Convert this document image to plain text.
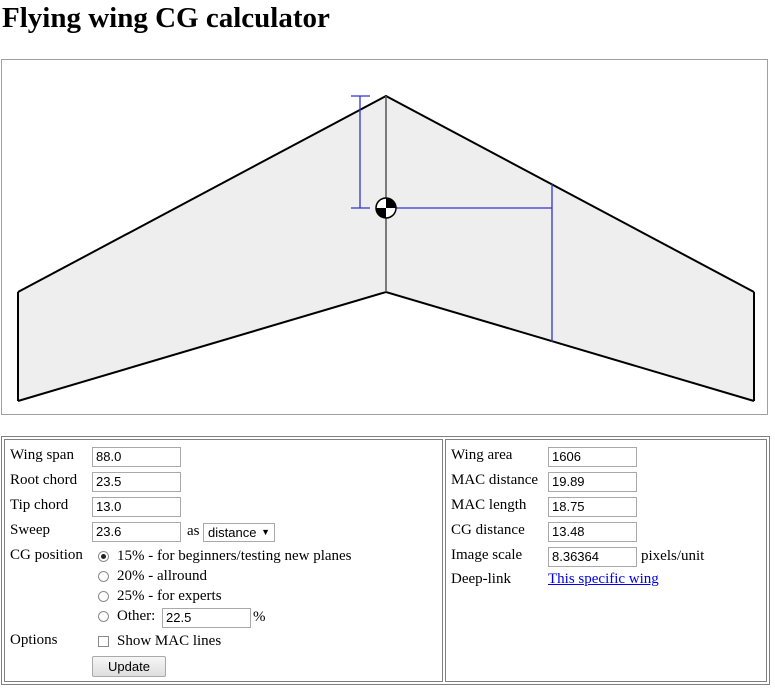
Flying wing CG calculator
Wing span	88.0
Root chord	23.5
Tip chord	13.0
Sweep	23.6	as distance ▼
CG position 15% - for beginners/testing new planes
20% - allround
25% - for experts
Other: 22.5	%
Options	Show MAC lines
Update

Wing area	1606
MAC distance	19.89
MAC length	18.75
CG distance	13.48
Image scale	8.36364	pixels/unit
Deep-link This specific wing
